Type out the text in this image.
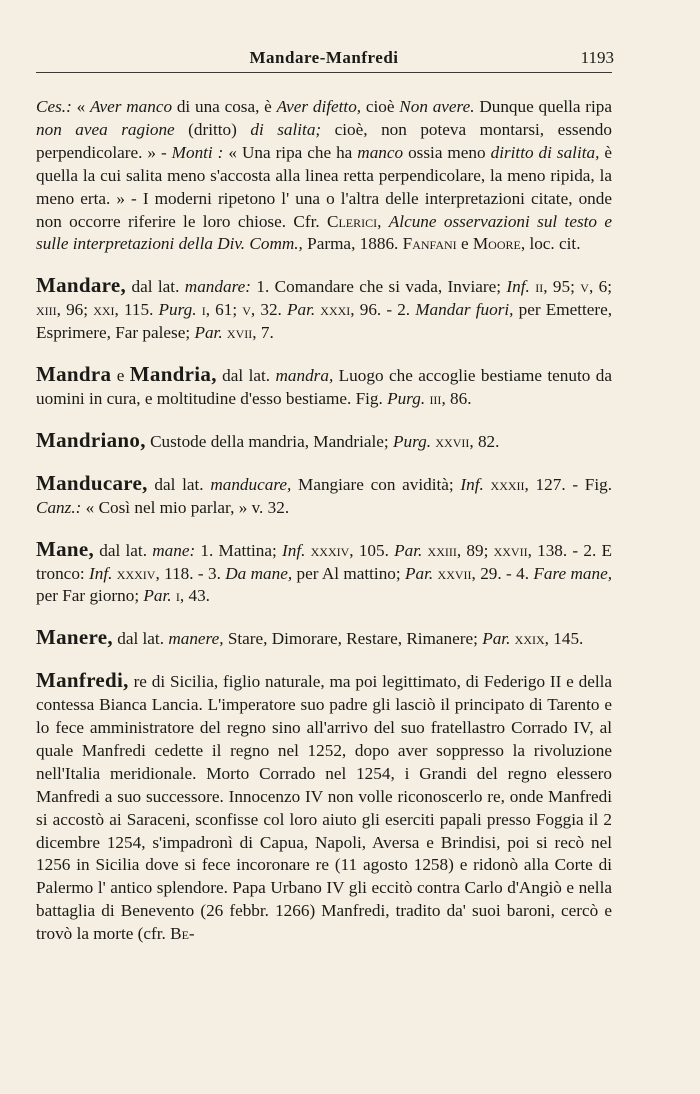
Mandare-Manfredi	1193

Ces.: « Aver manco di una cosa, è Aver difetto, cioè Non avere. Dunque quella ripa non avea ragione (dritto) di salita; cioè, non poteva montarsi, essendo perpendicolare. » - Monti : « Una ripa che ha manco ossia meno diritto di salita, è quella la cui salita meno s'accosta alla linea retta perpendicolare, la meno ripida, la meno erta. » - I moderni ripetono l' una o l'altra delle interpretazioni citate, onde non occorre riferire le loro chiose. Cfr. Clerici, Alcune osservazioni sul testo e sulle interpretazioni della Div. Comm., Parma, 1886. Fanfani e Moore, loc. cit.

Mandare, dal lat. mandare: 1. Comandare che si vada, Inviare; Inf. ii, 95; v, 6; xiii, 96; xxi, 115. Purg. i, 61; v, 32. Par. xxxi, 96. - 2. Mandar fuori, per Emettere, Esprimere, Far palese; Par. xvii, 7.

Mandra e Mandria, dal lat. mandra, Luogo che accoglie bestiame tenuto da uomini in cura, e moltitudine d'esso bestiame. Fig. Purg. iii, 86.

Mandriano, Custode della mandria, Mandriale; Purg. xxvii, 82.

Manducare, dal lat. manducare, Mangiare con avidità; Inf. xxxii, 127. - Fig. Canz.: « Così nel mio parlar, » v. 32.

Mane, dal lat. mane: 1. Mattina; Inf. xxxiv, 105. Par. xxiii, 89; xxvii, 138. - 2. E tronco: Inf. xxxiv, 118. - 3. Da mane, per Al mattino; Par. xxvii, 29. - 4. Fare mane, per Far giorno; Par. i, 43.

Manere, dal lat. manere, Stare, Dimorare, Restare, Rimanere; Par. xxix, 145.

Manfredi, re di Sicilia, figlio naturale, ma poi legittimato, di Federigo II e della contessa Bianca Lancia. L'imperatore suo padre gli lasciò il principato di Tarento e lo fece amministratore del regno sino all'arrivo del suo fratellastro Corrado IV, al quale Manfredi cedette il regno nel 1252, dopo aver soppresso la rivoluzione nell'Italia meridionale. Morto Corrado nel 1254, i Grandi del regno elessero Manfredi a suo successore. Innocenzo IV non volle riconoscerlo re, onde Manfredi si accostò ai Saraceni, sconfisse col loro aiuto gli eserciti papali presso Foggia il 2 dicembre 1254, s'impadronì di Capua, Napoli, Aversa e Brindisi, poi si recò nel 1256 in Sicilia dove si fece incoronare re (11 agosto 1258) e ridonò alla Corte di Palermo l' antico splendore. Papa Urbano IV gli eccitò contra Carlo d'Angiò e nella battaglia di Benevento (26 febbr. 1266) Manfredi, tradito da' suoi baroni, cercò e trovò la morte (cfr. Be-
